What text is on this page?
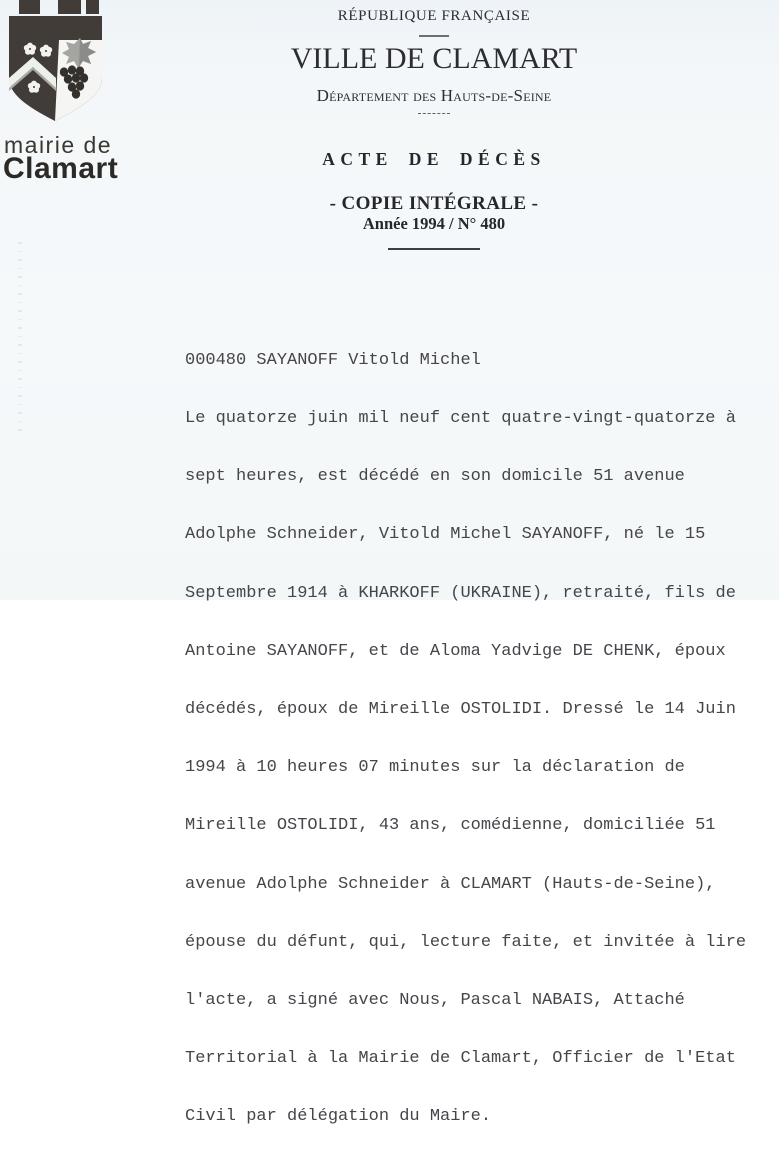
mairie de
Clamart
RÉPUBLIQUE FRANÇAISE
VILLE DE CLAMART
Département des Hauts-de-Seine
ACTE DE DÉCÈS
- COPIE INTÉGRALE -
Année 1994 / N° 480

000480 SAYANOFF Vitold Michel

Le quatorze juin mil neuf cent quatre-vingt-quatorze à

sept heures, est décédé en son domicile 51 avenue

Adolphe Schneider, Vitold Michel SAYANOFF, né le 15

Septembre 1914 à KHARKOFF (UKRAINE), retraité, fils de

Antoine SAYANOFF, et de Aloma Yadvige DE CHENK, époux

décédés, époux de Mireille OSTOLIDI. Dressé le 14 Juin

1994 à 10 heures 07 minutes sur la déclaration de

Mireille OSTOLIDI, 43 ans, comédienne, domiciliée 51

avenue Adolphe Schneider à CLAMART (Hauts-de-Seine),

épouse du défunt, qui, lecture faite, et invitée à lire

l'acte, a signé avec Nous, Pascal NABAIS, Attaché

Territorial à la Mairie de Clamart, Officier de l'Etat

Civil par délégation du Maire.
